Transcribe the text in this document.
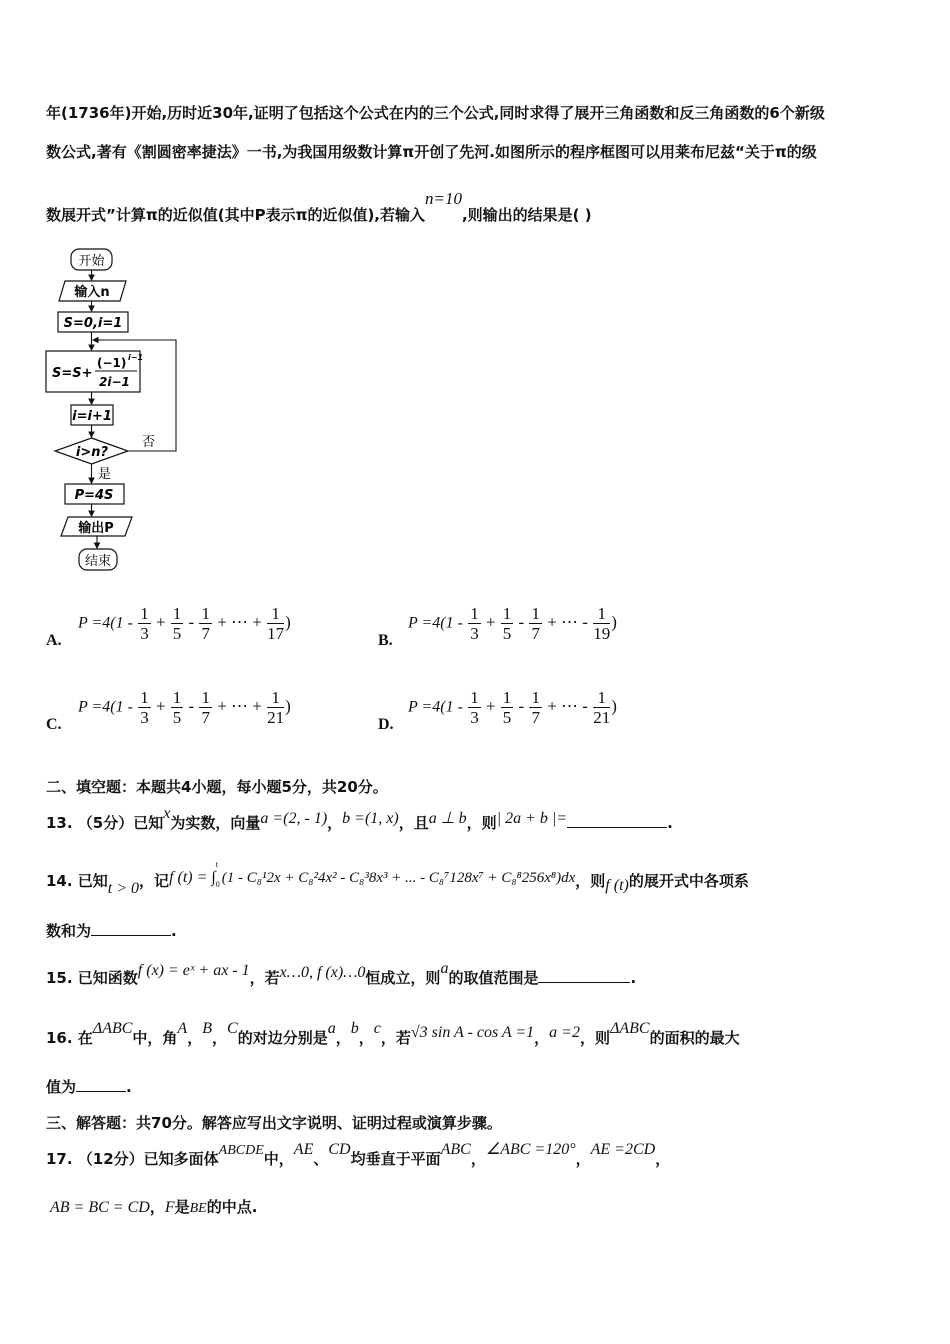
年(1736年)开始,历时近30年,证明了包括这个公式在内的三个公式,同时求得了展开三角函数和反三角函数的6个新级
数公式,著有《割圆密率捷法》一书,为我国用级数计算π开创了先河.如图所示的程序框图可以用莱布尼兹“关于π的级
数展开式”计算π的近似值(其中P表示π的近似值),若输入n=10,则输出的结果是( )
开始
输入n
S=0,i=1
S=S+
(−1) i−1
2i−1
i=i+1
i>n?
否
是
P=4S
输出P
结束
A.
$P =4(1 - \frac{1}{3} + \frac{1}{5} - \frac{1}{7}$ + ⋯ + $\frac{1}{17}$ )
B.
$P =4(1 - \frac{1}{3} + \frac{1}{5} - \frac{1}{7}$ + ⋯ - $\frac{1}{19}$ )
C.
$P =4(1 - \frac{1}{3} + \frac{1}{5} - \frac{1}{7}$ + ⋯ + $\frac{1}{21}$ )
D.
$P =4(1 - \frac{1}{3} + \frac{1}{5} - \frac{1}{7}$ + ⋯ - $\frac{1}{21}$ )
二、填空题：本题共4小题，每小题5分，共20分。
13. （5分）已知x为实数，向量a =(2, - 1)，b =(1, x)，且a ⊥ b，则| 2a + b |=	.
14. 已知t > 0，记f (t) = ∫
t
0 (1 - C₈¹2x + C₈²4x² - C₈³8x³ + ... - C₈⁷128x⁷ + C₈⁸256x⁸)dx，则f (t)的展开式中各项系
数和为	.
15. 已知函数f (x) = eˣ + ax - 1，若x…0, f (x)…0恒成立，则a的取值范围是	.
16. 在ΔABC中，角A，B，C的对边分别是a，b，c，若√3 sin A - cos A =1，a =2，则ΔABC的面积的最大
值为	.
三、解答题：共70分。解答应写出文字说明、证明过程或演算步骤。
17. （12分）已知多面体ABCDE中，AE、CD均垂直于平面ABC，∠ABC =120°，AE =2CD，
AB = BC = CD，F是BE的中点.
